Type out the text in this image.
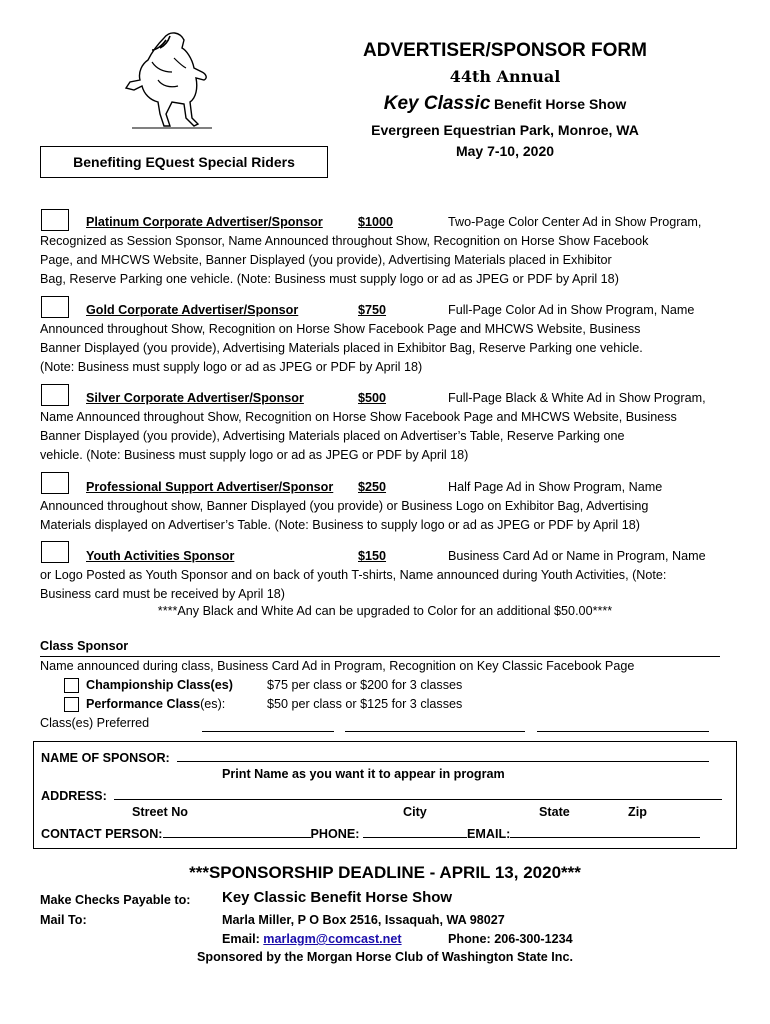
ADVERTISER/SPONSOR FORM
44th Annual
Key Classic Benefit Horse Show
Evergreen Equestrian Park, Monroe, WA
May 7-10, 2020
Benefiting EQuest Special Riders
Platinum Corporate Advertiser/Sponsor	$1000	Two-Page Color Center Ad in Show Program,
Recognized as Session Sponsor, Name Announced throughout Show, Recognition on Horse Show Facebook
Page, and MHCWS Website, Banner Displayed (you provide), Advertising Materials placed in Exhibitor
Bag, Reserve Parking one vehicle. (Note: Business must supply logo or ad as JPEG or PDF by April 18)
Gold Corporate Advertiser/Sponsor	$750	Full-Page Color Ad in Show Program, Name
Announced throughout Show, Recognition on Horse Show Facebook Page and MHCWS Website, Business
Banner Displayed (you provide), Advertising Materials placed in Exhibitor Bag, Reserve Parking one vehicle.
(Note: Business must supply logo or ad as JPEG or PDF by April 18)
Silver Corporate Advertiser/Sponsor	$500	Full-Page Black & White Ad in Show Program,
Name Announced throughout Show, Recognition on Horse Show Facebook Page and MHCWS Website, Business
Banner Displayed (you provide), Advertising Materials placed on Advertiser’s Table, Reserve Parking one
vehicle. (Note: Business must supply logo or ad as JPEG or PDF by April 18)
Professional Support Advertiser/Sponsor $250	Half Page Ad in Show Program, Name
Announced throughout show, Banner Displayed (you provide) or Business Logo on Exhibitor Bag, Advertising
Materials displayed on Advertiser’s Table. (Note: Business to supply logo or ad as JPEG or PDF by April 18)
Youth Activities Sponsor	$150	Business Card Ad or Name in Program, Name
or Logo Posted as Youth Sponsor and on back of youth T-shirts, Name announced during Youth Activities, (Note:
Business card must be received by April 18)
****Any Black and White Ad can be upgraded to Color for an additional $50.00****
Class Sponsor
Name announced during class, Business Card Ad in Program, Recognition on Key Classic Facebook Page
Championship Class(es)	$75 per class or $200 for 3 classes
Performance Class(es):	$50 per class or $125 for 3 classes
Class(es) Preferred
NAME OF SPONSOR:
Print Name as you want it to appear in program
ADDRESS:
Street No	City	State	Zip
CONTACT PERSON:	PHONE:	EMAIL:
***SPONSORSHIP DEADLINE - APRIL 13, 2020***
Make Checks Payable to: Key Classic Benefit Horse Show
Mail To:	Marla Miller, P O Box 2516, Issaquah, WA 98027
Email: marlagm@comcast.net	Phone: 206-300-1234
Sponsored by the Morgan Horse Club of Washington State Inc.
